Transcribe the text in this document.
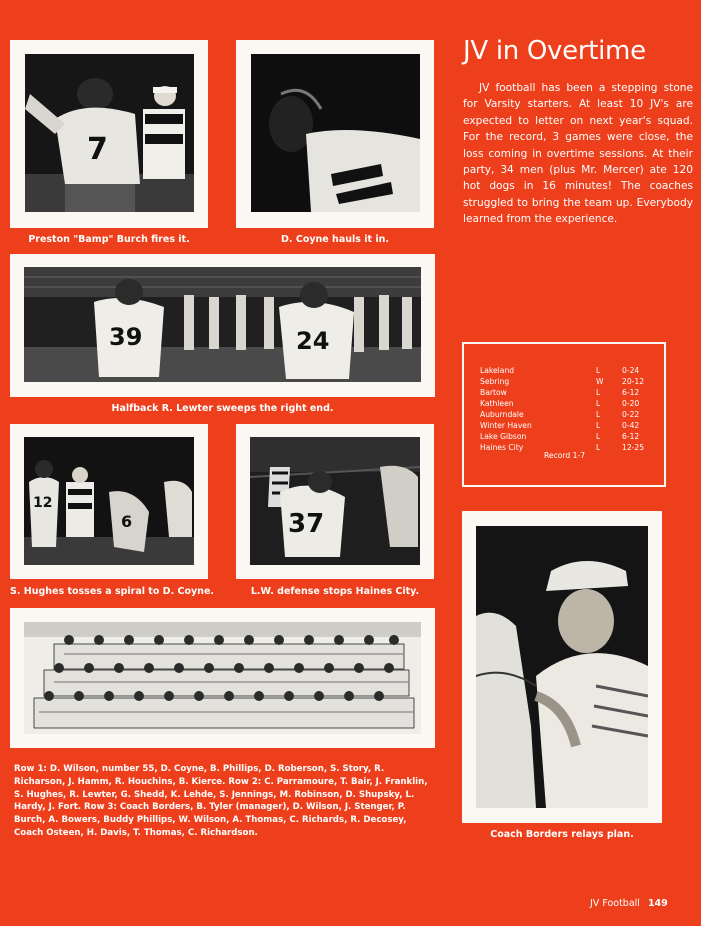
7
Preston "Bamp" Burch fires it.	D. Coyne hauls it in.
JV in Overtime
JV football has been a stepping stone for Varsity starters. At least 10 JV's are expected to letter on next year's squad. For the record, 3 games were close, the loss coming in overtime sessions. At their party, 34 men (plus Mr. Mercer) ate 120 hot dogs in 16 minutes! The coaches struggled to bring the team up. Everybody learned from the experience.
39	24
Halfback R. Lewter sweeps the right end.
Lakeland	L	0-24
Sebring	W 20-12
Bartow	L	6-12
Kathleen	L	0-20
Auburndale	L	0-22
Winter Haven	L	0-42
Lake Gibson	L	6-12
Haines City	L	12-25
Record 1-7
12
6
S. Hughes tosses a spiral to D. Coyne.
37
L.W. defense stops Haines City.
Row 1: D. Wilson, number 55, D. Coyne, B. Phillips, D. Roberson, S. Story, R. Richarson, J. Hamm, R. Houchins, B. Kierce. Row 2: C. Parramoure, T. Bair, J. Franklin, S. Hughes, R. Lewter, G. Shedd, K. Lehde, S. Jennings, M. Robinson, D. Shupsky, L. Hardy, J. Fort. Row 3: Coach Borders, B. Tyler (manager), D. Wilson, J. Stenger, P. Burch, A. Bowers, Buddy Phillips, W. Wilson, A. Thomas, C. Richards, R. Decosey, Coach Osteen, H. Davis, T. Thomas, C. Richardson.	Coach Borders relays plan.
JV Football 149
